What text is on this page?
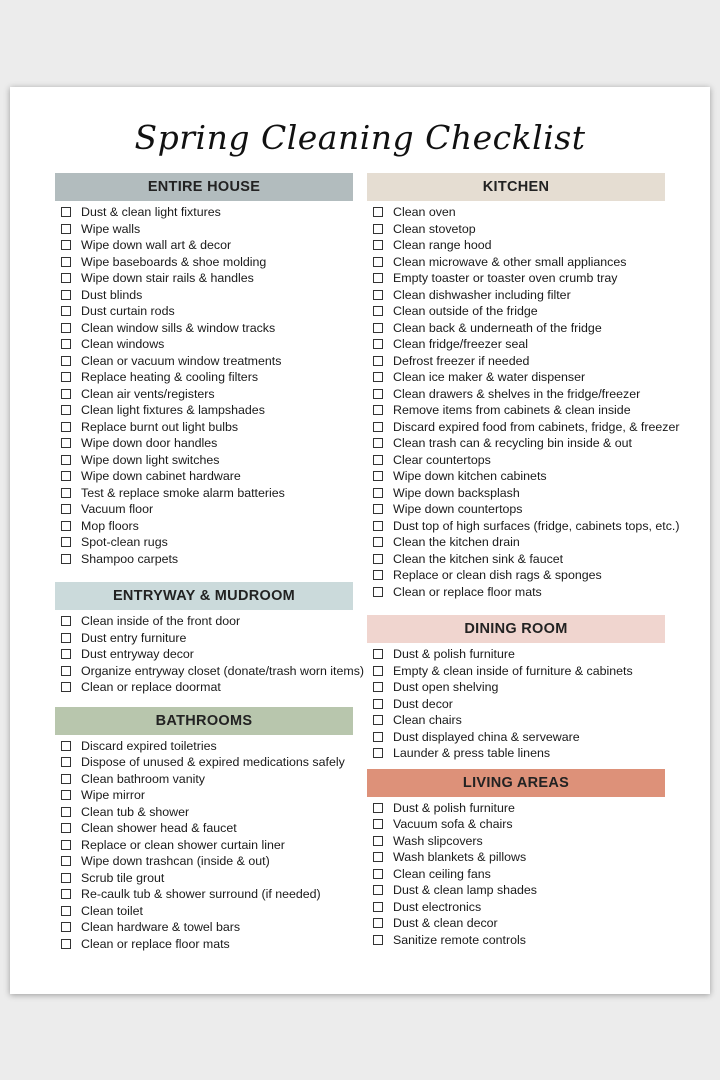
Spring Cleaning Checklist
ENTIRE HOUSE
Dust & clean light fixtures
Wipe walls
Wipe down wall art & decor
Wipe baseboards & shoe molding
Wipe down stair rails & handles
Dust blinds
Dust curtain rods
Clean window sills & window tracks
Clean windows
Clean or vacuum window treatments
Replace heating & cooling filters
Clean air vents/registers
Clean light fixtures & lampshades
Replace burnt out light bulbs
Wipe down door handles
Wipe down light switches
Wipe down cabinet hardware
Test & replace smoke alarm batteries
Vacuum floor
Mop floors
Spot-clean rugs
Shampoo carpets
ENTRYWAY & MUDROOM
Clean inside of the front door
Dust entry furniture
Dust entryway decor
Organize entryway closet (donate/trash worn items)
Clean or replace doormat
BATHROOMS
Discard expired toiletries
Dispose of unused & expired medications safely
Clean bathroom vanity
Wipe mirror
Clean tub & shower
Clean shower head & faucet
Replace or clean shower curtain liner
Wipe down trashcan (inside & out)
Scrub tile grout
Re-caulk tub & shower surround (if needed)
Clean toilet
Clean hardware & towel bars
Clean or replace floor mats
KITCHEN
Clean oven
Clean stovetop
Clean range hood
Clean microwave & other small appliances
Empty toaster or toaster oven crumb tray
Clean dishwasher including filter
Clean outside of the fridge
Clean back & underneath of the fridge
Clean fridge/freezer seal
Defrost freezer if needed
Clean ice maker & water dispenser
Clean drawers & shelves in the fridge/freezer
Remove items from cabinets & clean inside
Discard expired food from cabinets, fridge, & freezer
Clean trash can & recycling bin inside & out
Clear countertops
Wipe down kitchen cabinets
Wipe down backsplash
Wipe down countertops
Dust top of high surfaces (fridge, cabinets tops, etc.)
Clean the kitchen drain
Clean the kitchen sink & faucet
Replace or clean dish rags & sponges
Clean or replace floor mats
DINING ROOM
Dust & polish furniture
Empty & clean inside of furniture & cabinets
Dust open shelving
Dust decor
Clean chairs
Dust displayed china & serveware
Launder & press table linens
LIVING AREAS
Dust & polish furniture
Vacuum sofa & chairs
Wash slipcovers
Wash blankets & pillows
Clean ceiling fans
Dust & clean lamp shades
Dust electronics
Dust & clean decor
Sanitize remote controls
